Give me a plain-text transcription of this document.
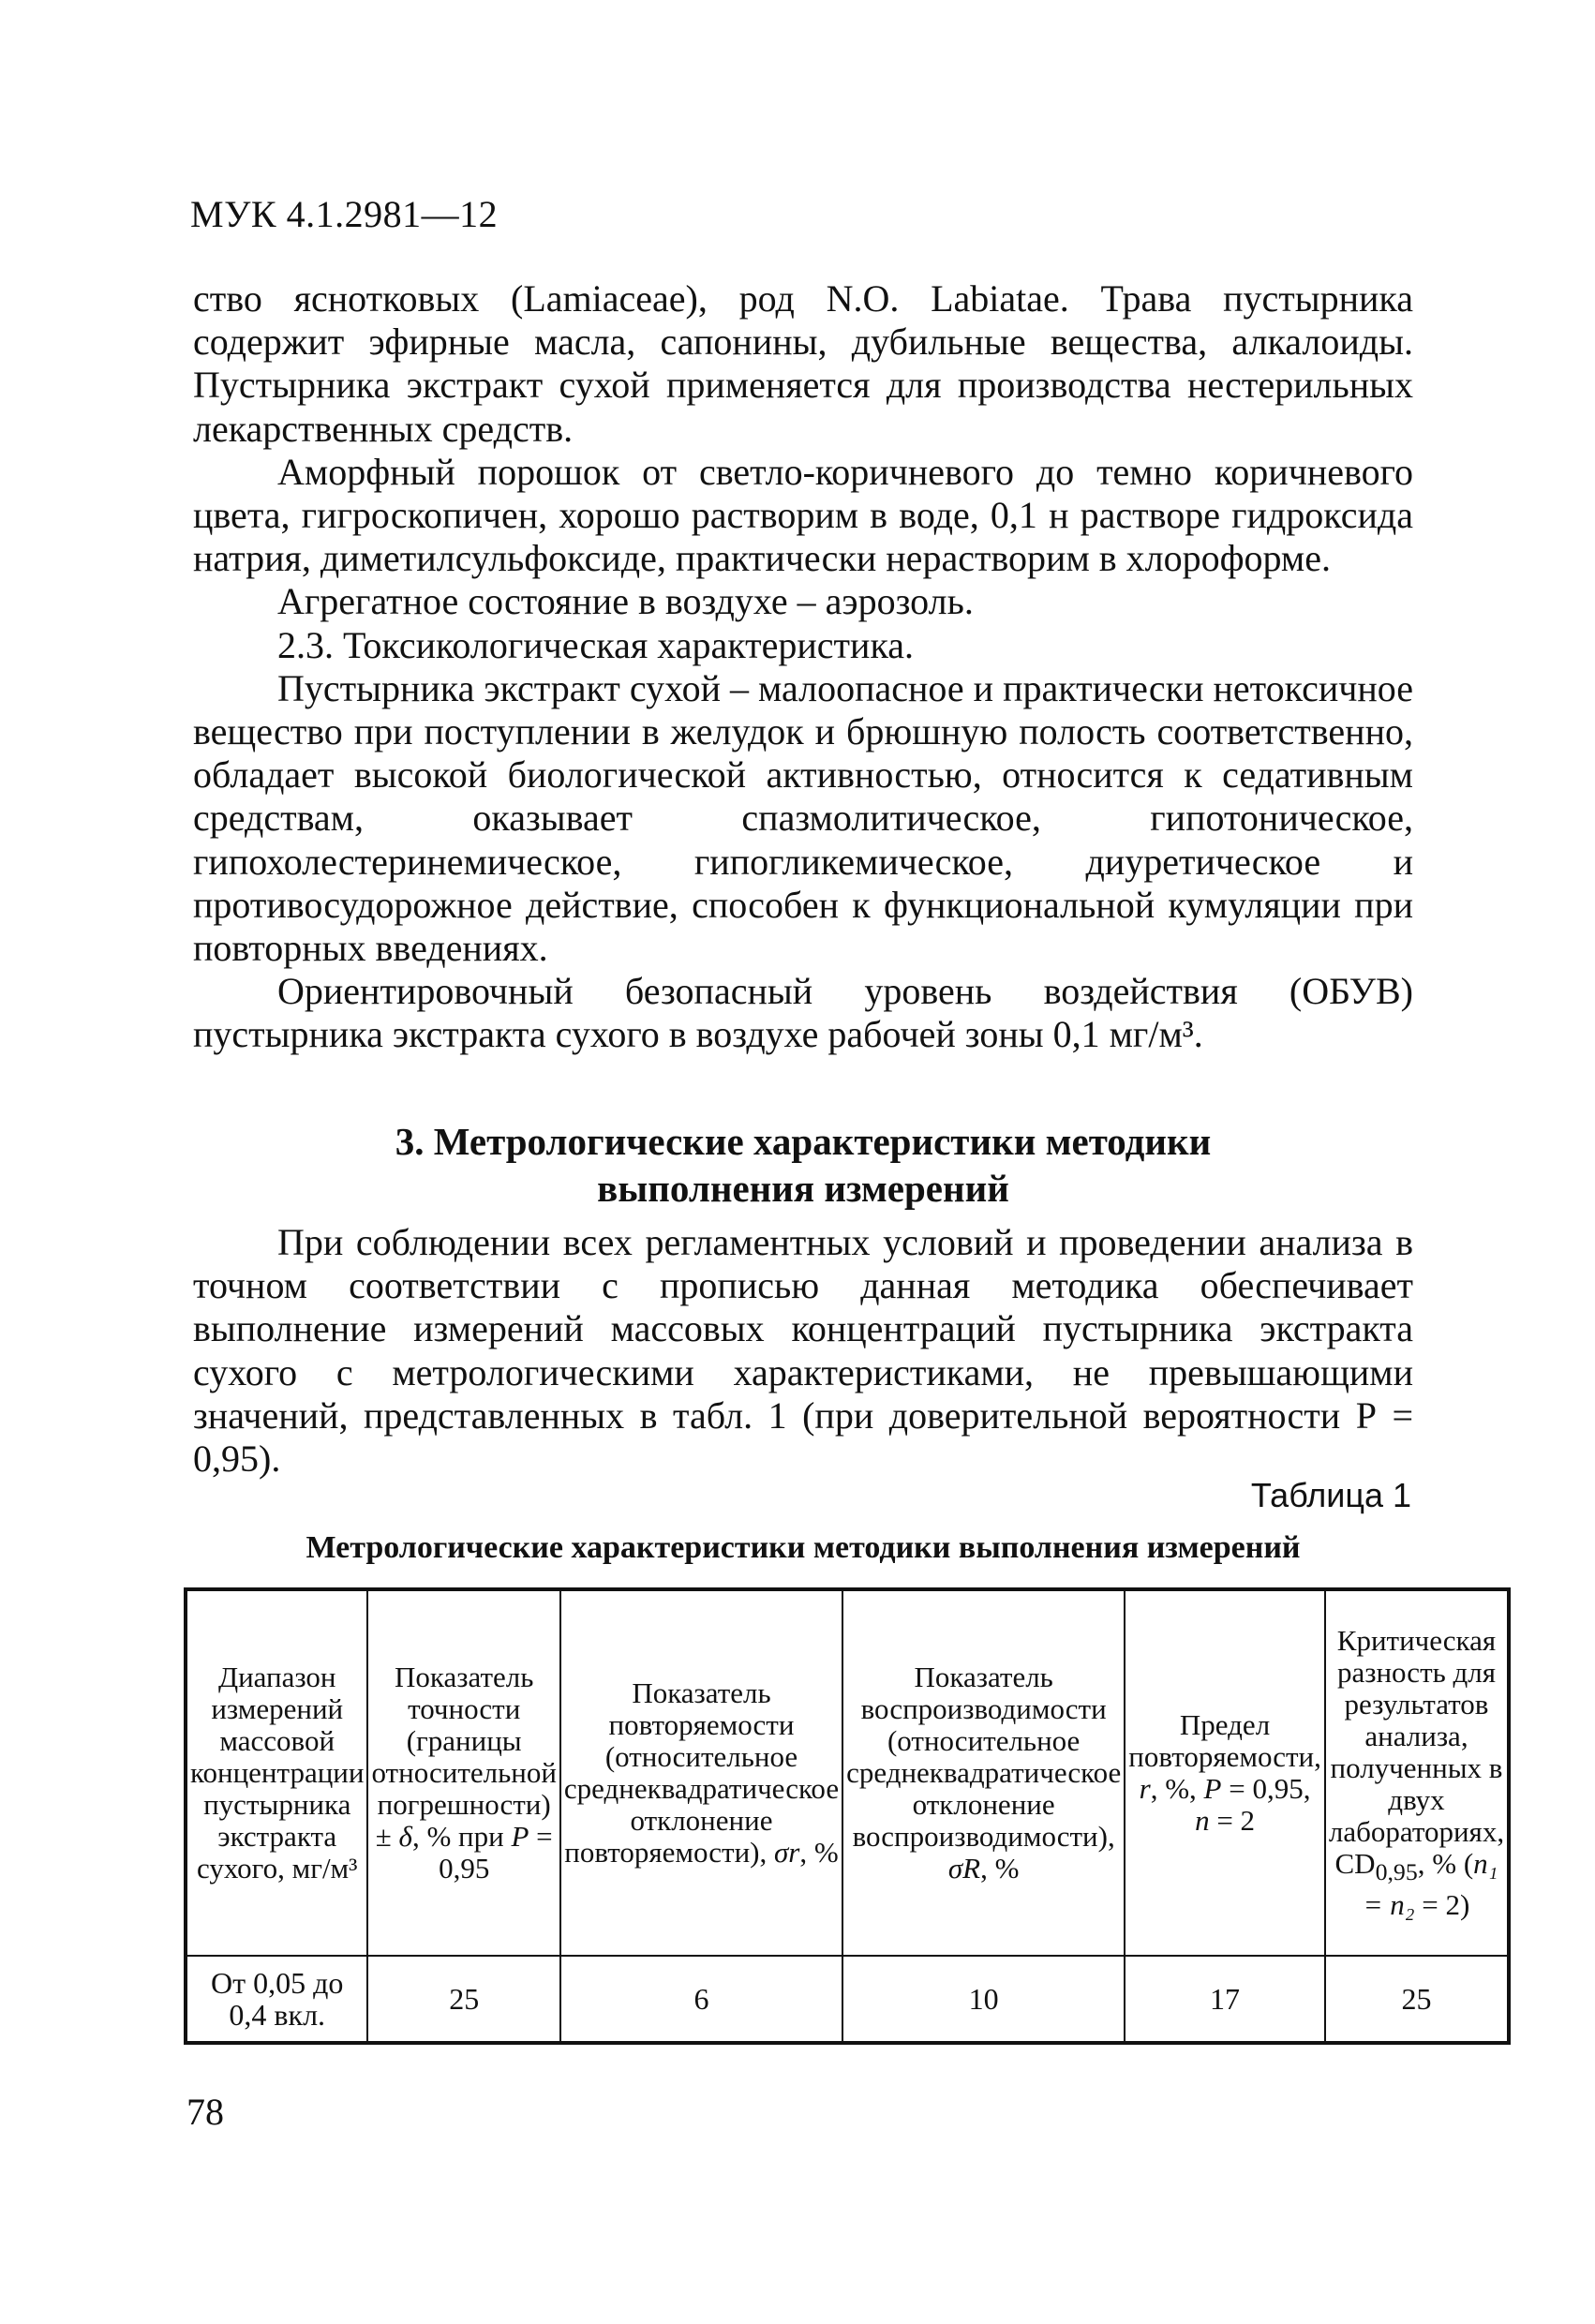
МУК 4.1.2981—12

ство яснотковых (Lamiaceae), род N.O. Labiatae. Трава пустырника содержит эфирные масла, сапонины, дубильные вещества, алкалоиды. Пустырника экстракт сухой применяется для производства нестерильных лекарственных средств.

Аморфный порошок от светло-коричневого до темно коричневого цвета, гигроскопичен, хорошо растворим в воде, 0,1 н растворе гидроксида натрия, диметилсульфоксиде, практически нерастворим в хлороформе.

Агрегатное состояние в воздухе – аэрозоль.

2.3. Токсикологическая характеристика.

Пустырника экстракт сухой – малоопасное и практически нетоксичное вещество при поступлении в желудок и брюшную полость соответственно, обладает высокой биологической активностью, относится к седативным средствам, оказывает спазмолитическое, гипотоническое, гипохолестеринемическое, гипогликемическое, диуретическое и противосудорожное действие, способен к функциональной кумуляции при повторных введениях.

Ориентировочный безопасный уровень воздействия (ОБУВ) пустырника экстракта сухого в воздухе рабочей зоны 0,1 мг/м³.

3. Метрологические характеристики методики
выполнения измерений

При соблюдении всех регламентных условий и проведении анализа в точном соответствии с прописью данная методика обеспечивает выполнение измерений массовых концентраций пустырника экстракта сухого с метрологическими характеристиками, не превышающими значений, представленных в табл. 1 (при доверительной вероятности Р = 0,95).

Таблица 1
Метрологические характеристики методики выполнения измерений
Диапазон измерений массовой концентрации пустырника экстракта сухого, мг/м³	Показатель точности (границы относительной погрешности) ± δ, % при P = 0,95	Показатель повторяемости (относительное среднеквадратическое отклонение повторяемости), σr, %	Показатель воспроизводимости (относительное среднеквадратическое отклонение воспроизводимости), σR, %	Предел повторяемости, r, %, P = 0,95, n = 2	Критическая разность для результатов анализа, полученных в двух лабораториях, $CD_{0,95}$, % (n₁ = n₂ = 2)
От 0,05 до 0,4 вкл.	25	6	10	17	25
78
